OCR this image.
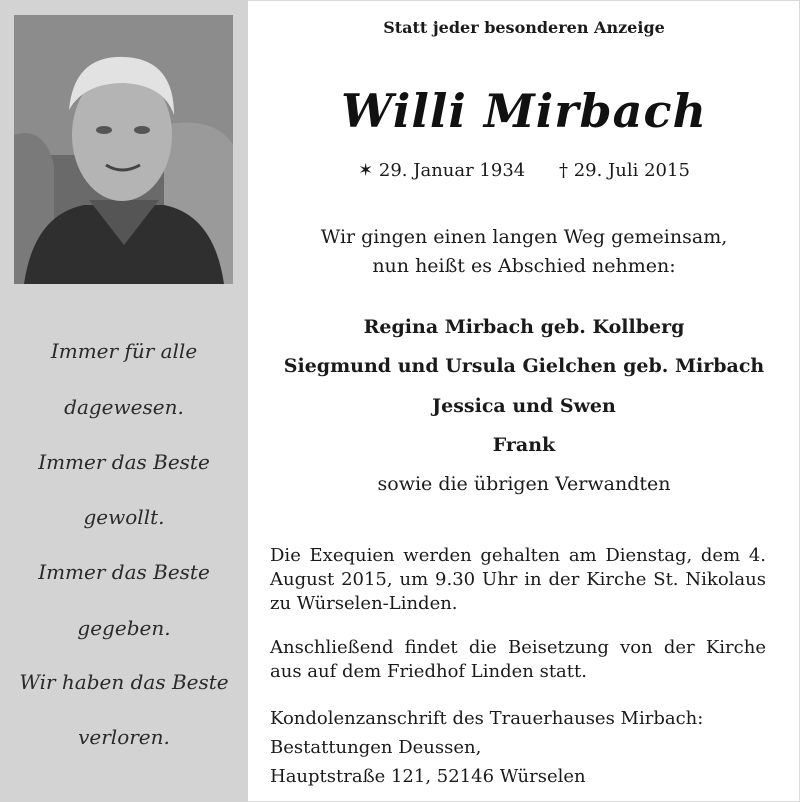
Immer für alle
dagewesen.
Immer das Beste
gewollt.
Immer das Beste
gegeben.
Wir haben das Beste
verloren.
Statt jeder besonderen Anzeige
Willi Mirbach
✶ 29. Januar 1934 † 29. Juli 2015
Wir gingen einen langen Weg gemeinsam,
nun heißt es Abschied nehmen:
Regina Mirbach geb. Kollberg
Siegmund und Ursula Gielchen geb. Mirbach
Jessica und Swen
Frank
sowie die übrigen Verwandten
Die Exequien werden gehalten am Dienstag, dem 4. August 2015, um 9.30 Uhr in der Kirche St. Nikolaus zu Würselen-Linden.
Anschließend findet die Beisetzung von der Kirche aus auf dem Friedhof Linden statt.
Kondolenzanschrift des Trauerhauses Mirbach:
Bestattungen Deussen,
Hauptstraße 121, 52146 Würselen
